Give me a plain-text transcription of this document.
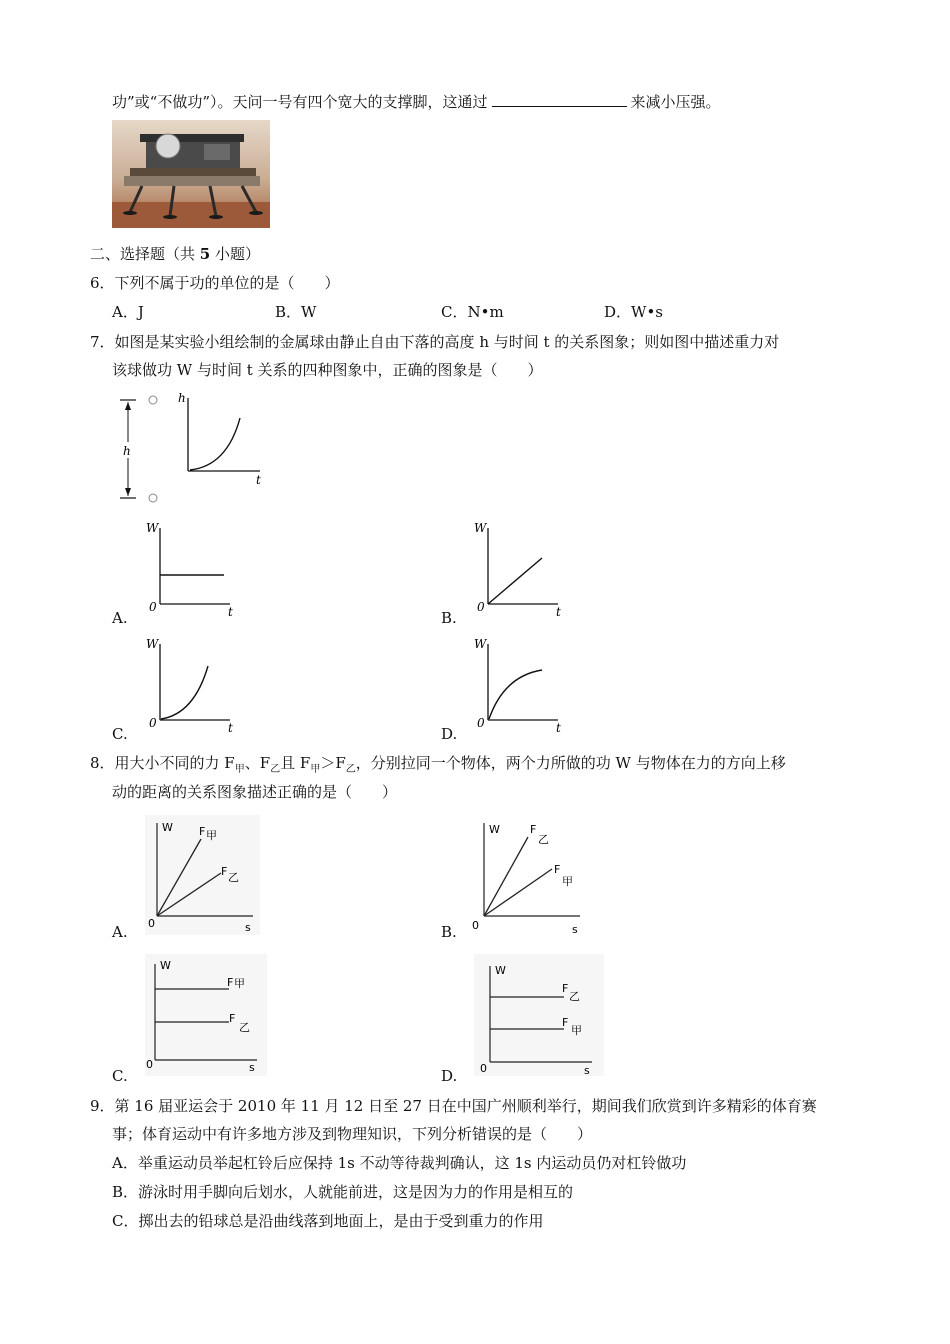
功”或“不做功”）。天问一号有四个宽大的支撑脚，这通过	来减小压强。
二、选择题（共 5 小题）
6．下列不属于功的单位的是（　　）
A．J	B．W	C．N•m	D．W•s
7．如图是某实验小组绘制的金属球由静止自由下落的高度 h 与时间 t 的关系图象；则如图中描述重力对
该球做功 W 与时间 t 关系的四种图象中，正确的图象是（　　）
h
h
t
A.
W
0	t	B.
W
0	t
C.
W
0	t	D.
W
0	t
8．用大小不同的力 $F_甲$、$F_乙$且 $F_甲>F_乙$，分别拉同一个物体，两个力所做的功 W 与物体在力的方向上移
动的距离的关系图象描述正确的是（　　）
A.
W
0	s
F 甲
F 乙
B.
W
0	s
F
乙
F
甲
C.
W
0	s
F 甲
F
乙
D.
W
0	s
F
乙
F
甲
9．第 16 届亚运会于 2010 年 11 月 12 日至 27 日在中国广州顺利举行，期间我们欣赏到许多精彩的体育赛
事；体育运动中有许多地方涉及到物理知识，下列分析错误的是（　　）
A．举重运动员举起杠铃后应保持 1s 不动等待裁判确认，这 1s 内运动员仍对杠铃做功
B．游泳时用手脚向后划水，人就能前进，这是因为力的作用是相互的
C．掷出去的铅球总是沿曲线落到地面上，是由于受到重力的作用
